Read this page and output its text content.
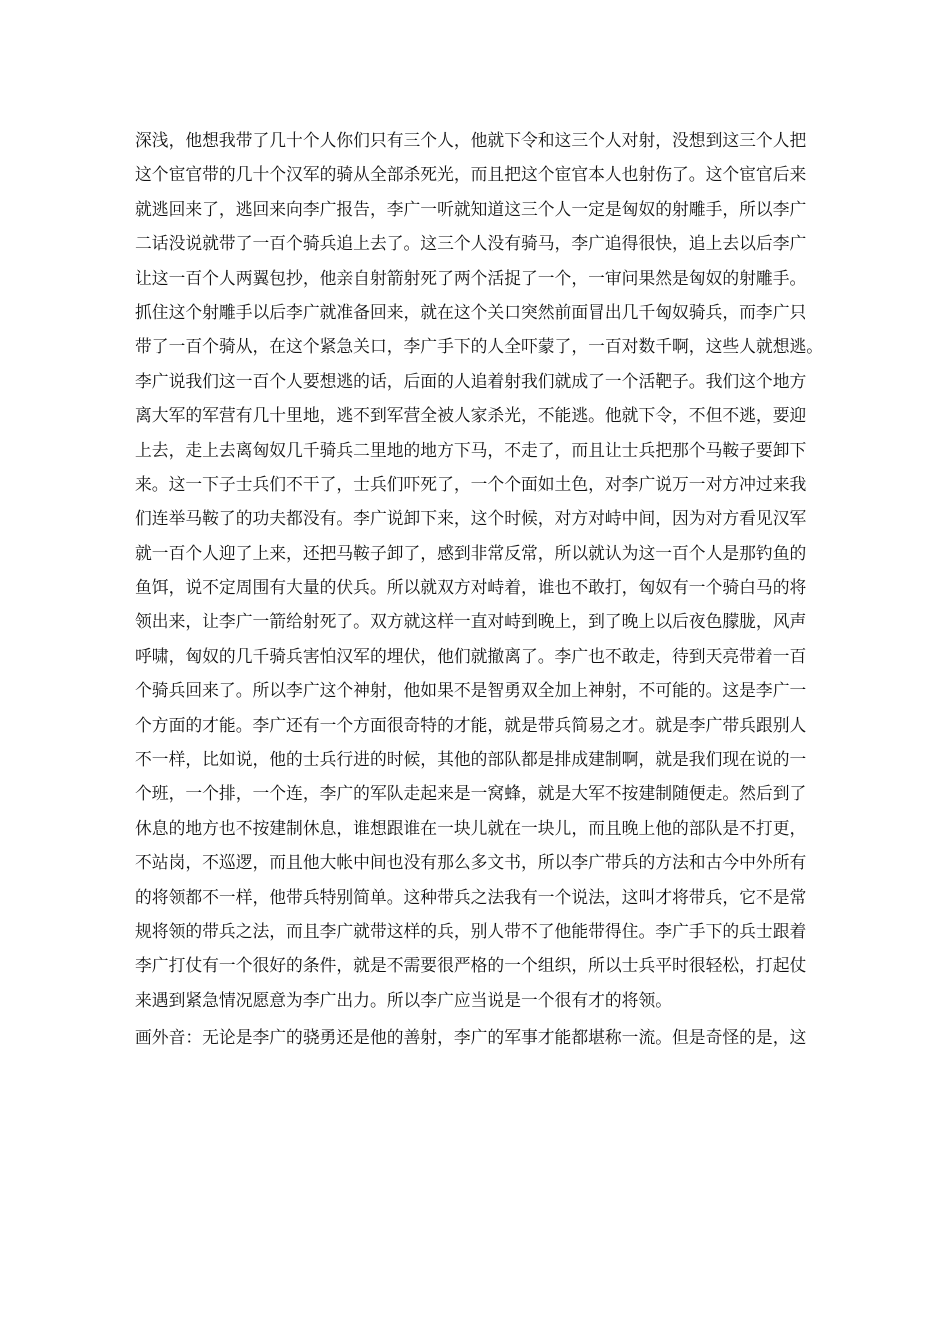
深浅，他想我带了几十个人你们只有三个人，他就下令和这三个人对射，没想到这三个人把
这个宦官带的几十个汉军的骑从全部杀死光，而且把这个宦官本人也射伤了。这个宦官后来
就逃回来了，逃回来向李广报告，李广一听就知道这三个人一定是匈奴的射雕手，所以李广
二话没说就带了一百个骑兵追上去了。这三个人没有骑马，李广追得很快，追上去以后李广
让这一百个人两翼包抄，他亲自射箭射死了两个活捉了一个，一审问果然是匈奴的射雕手。
抓住这个射雕手以后李广就准备回来，就在这个关口突然前面冒出几千匈奴骑兵，而李广只
带了一百个骑从，在这个紧急关口，李广手下的人全吓蒙了，一百对数千啊，这些人就想逃。
李广说我们这一百个人要想逃的话，后面的人追着射我们就成了一个活靶子。我们这个地方
离大军的军营有几十里地，逃不到军营全被人家杀光，不能逃。他就下令，不但不逃，要迎
上去，走上去离匈奴几千骑兵二里地的地方下马，不走了，而且让士兵把那个马鞍子要卸下
来。这一下子士兵们不干了，士兵们吓死了，一个个面如土色，对李广说万一对方冲过来我
们连举马鞍了的功夫都没有。李广说卸下来，这个时候，对方对峙中间，因为对方看见汉军
就一百个人迎了上来，还把马鞍子卸了，感到非常反常，所以就认为这一百个人是那钓鱼的
鱼饵，说不定周围有大量的伏兵。所以就双方对峙着，谁也不敢打，匈奴有一个骑白马的将
领出来，让李广一箭给射死了。双方就这样一直对峙到晚上，到了晚上以后夜色朦胧，风声
呼啸，匈奴的几千骑兵害怕汉军的埋伏，他们就撤离了。李广也不敢走，待到天亮带着一百
个骑兵回来了。所以李广这个神射，他如果不是智勇双全加上神射，不可能的。这是李广一
个方面的才能。李广还有一个方面很奇特的才能，就是带兵简易之才。就是李广带兵跟别人
不一样，比如说，他的士兵行进的时候，其他的部队都是排成建制啊，就是我们现在说的一
个班，一个排，一个连，李广的军队走起来是一窝蜂，就是大军不按建制随便走。然后到了
休息的地方也不按建制休息，谁想跟谁在一块儿就在一块儿，而且晚上他的部队是不打更，
不站岗，不巡逻，而且他大帐中间也没有那么多文书，所以李广带兵的方法和古今中外所有
的将领都不一样，他带兵特别简单。这种带兵之法我有一个说法，这叫才将带兵，它不是常
规将领的带兵之法，而且李广就带这样的兵，别人带不了他能带得住。李广手下的兵士跟着
李广打仗有一个很好的条件，就是不需要很严格的一个组织，所以士兵平时很轻松，打起仗
来遇到紧急情况愿意为李广出力。所以李广应当说是一个很有才的将领。
画外音：无论是李广的骁勇还是他的善射，李广的军事才能都堪称一流。但是奇怪的是，这
